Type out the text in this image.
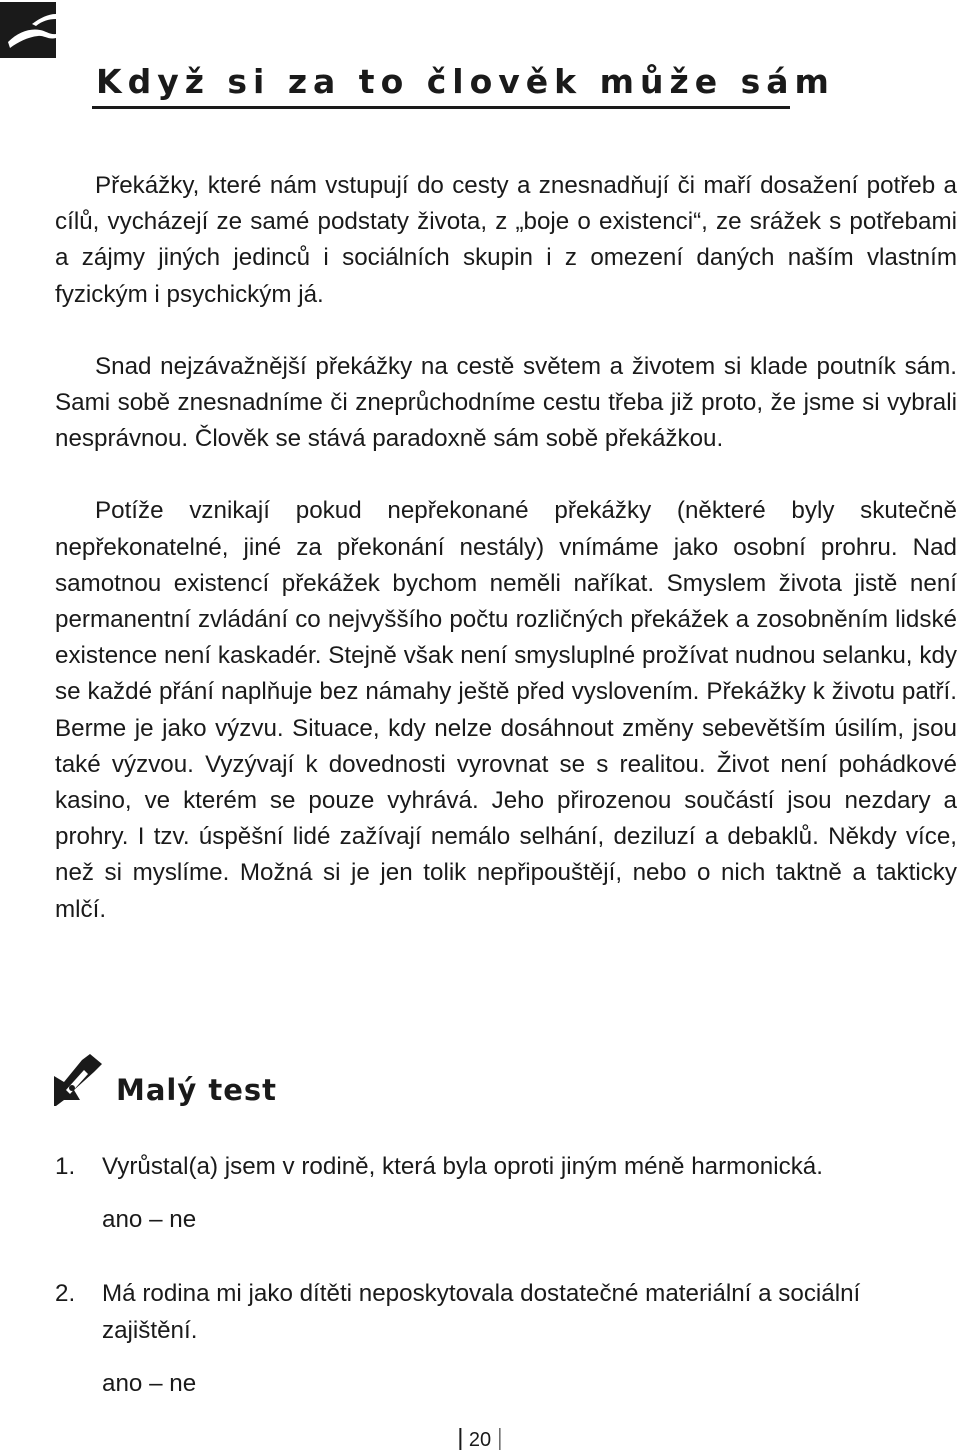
Když si za to člověk může sám

Překážky, které nám vstupují do cesty a znesnadňují či maří dosažení potřeb a cílů, vycházejí ze samé podstaty života, z „boje o existenci“, ze srážek s potřebami a zájmy jiných jedinců i sociálních skupin i z omezení daných naším vlastním fyzickým i psychickým já.

Snad nejzávažnější překážky na cestě světem a životem si klade poutník sám. Sami sobě znesnadníme či zneprůchodníme cestu třeba již proto, že jsme si vybrali nesprávnou. Člověk se stává paradoxně sám sobě překážkou.

Potíže vznikají pokud nepřekonané překážky (některé byly skutečně nepřekonatelné, jiné za překonání nestály) vnímáme jako osobní prohru. Nad samotnou existencí překážek bychom neměli naříkat. Smyslem života jistě není permanentní zvládání co nejvyššího počtu rozličných překážek a zosobněním lidské existence není kaskadér. Stejně však není smysluplné prožívat nudnou selanku, kdy se každé přání naplňuje bez námahy ještě před vyslovením. Překážky k životu patří. Berme je jako výzvu. Situace, kdy nelze dosáhnout změny sebevětším úsilím, jsou také výzvou. Vyzývají k dovednosti vyrovnat se s realitou. Život není pohádkové kasino, ve kterém se pouze vyhrává. Jeho přirozenou součástí jsou nezdary a prohry. I tzv. úspěšní lidé zažívají nemálo selhání, deziluzí a debaklů. Někdy více, než si myslíme. Možná si je jen tolik nepřipouštějí, nebo o nich taktně a takticky mlčí.

Malý test
1. Vyrůstal(a) jsem v rodině, která byla oproti jiným méně harmonická.
ano – ne
2. Má rodina mi jako dítěti neposkytovala dostatečné materiální a sociální zajištění.
ano – ne
20
